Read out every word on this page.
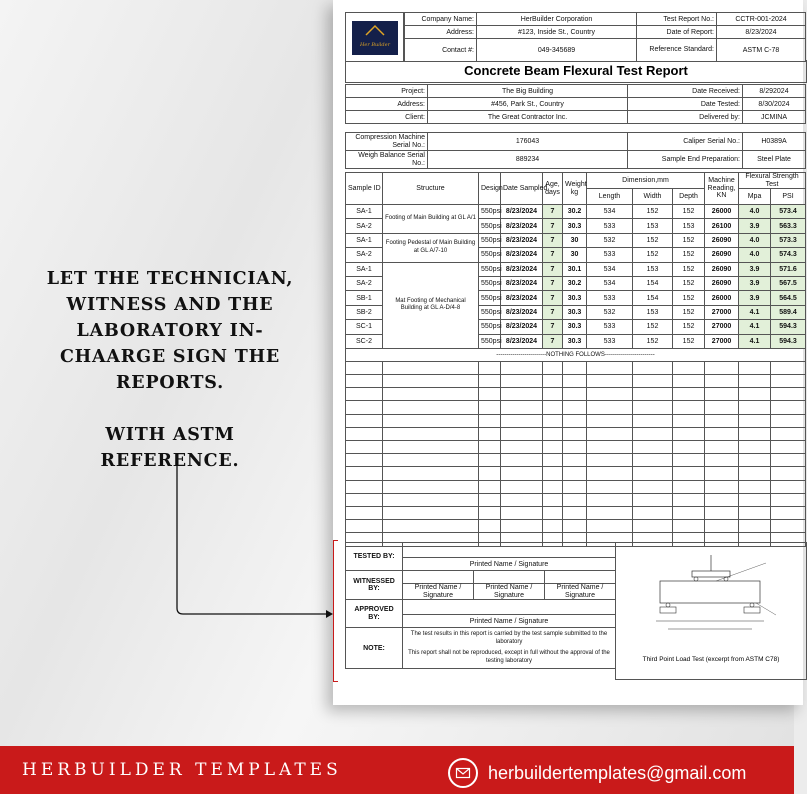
LET THE TECHNICIAN,
WITNESS AND THE
LABORATORY IN-
CHAARGE SIGN THE
REPORTS.
WITH ASTM
REFERENCE.
Her Builder
Company Name:	HerBuilder Corporation	Test Report No.:	CCTR-001-2024
Address:	#123, Inside St., Country	Date of Report:	8/23/2024
Contact #:	049-345689	Reference Standard:	ASTM C-78
Concrete Beam Flexural Test Report
Project:	The Big Building	Date Received:	8/292024
Address:	#456, Park St., Country	Date Tested:	8/30/2024
Client:	The Great Contractor Inc.	Delivered by:	JCMINA
Compression Machine Serial No.:	176043	Caliper Serial No.:	H0389A
Weigh Balance Serial No.:	889234	Sample End Preparation:	Steel Plate
Sample ID	Structure	Design	Date Sampled	Age, days	Weight kg	Dimension,mm			Machine Reading, KN	Flexural Strength Test	
						Length	Width	Depth		Mpa	PSI
SA-1	Footing of Main Building at GL A/1	550psi	8/23/2024	7	30.2	534	152	152	26000	4.0	573.4
SA-2		550psi	8/23/2024	7	30.3	533	153	153	26100	3.9	563.3
SA-1	Footing Pedestal of Main Building at GL A/7-10	550psi	8/23/2024	7	30	532	152	152	26090	4.0	573.3
SA-2		550psi	8/23/2024	7	30	533	152	152	26090	4.0	574.3
SA-1	Mat Footing of Mechanical Building at GL A-D/4-8	550psi	8/23/2024	7	30.1	534	153	152	26090	3.9	571.6
SA-2		550psi	8/23/2024	7	30.2	534	154	152	26090	3.9	567.5
SB-1		550psi	8/23/2024	7	30.3	533	154	152	26000	3.9	564.5
SB-2		550psi	8/23/2024	7	30.3	532	153	152	27000	4.1	589.4
SC-1		550psi	8/23/2024	7	30.3	533	152	152	27000	4.1	594.3
SC-2		550psi	8/23/2024	7	30.3	533	152	152	27000	4.1	594.3
-------------------------NOTHING FOLLOWS-------------------------											

TESTED BY:			
	Printed Name / Signature		
WITNESSED BY:			
	Printed Name / Signature	Printed Name / Signature	Printed Name / Signature
APPROVED BY:			
	Printed Name / Signature		
NOTE:	The test results in this report is carried by the test sample submitted to the laboratory
This report shall not be reproduced, except in full without the approval of the testing laboratory			Third Point Load Test (excerpt from ASTM C78)
HERBUILDER TEMPLATES	herbuildertemplates@gmail.com
